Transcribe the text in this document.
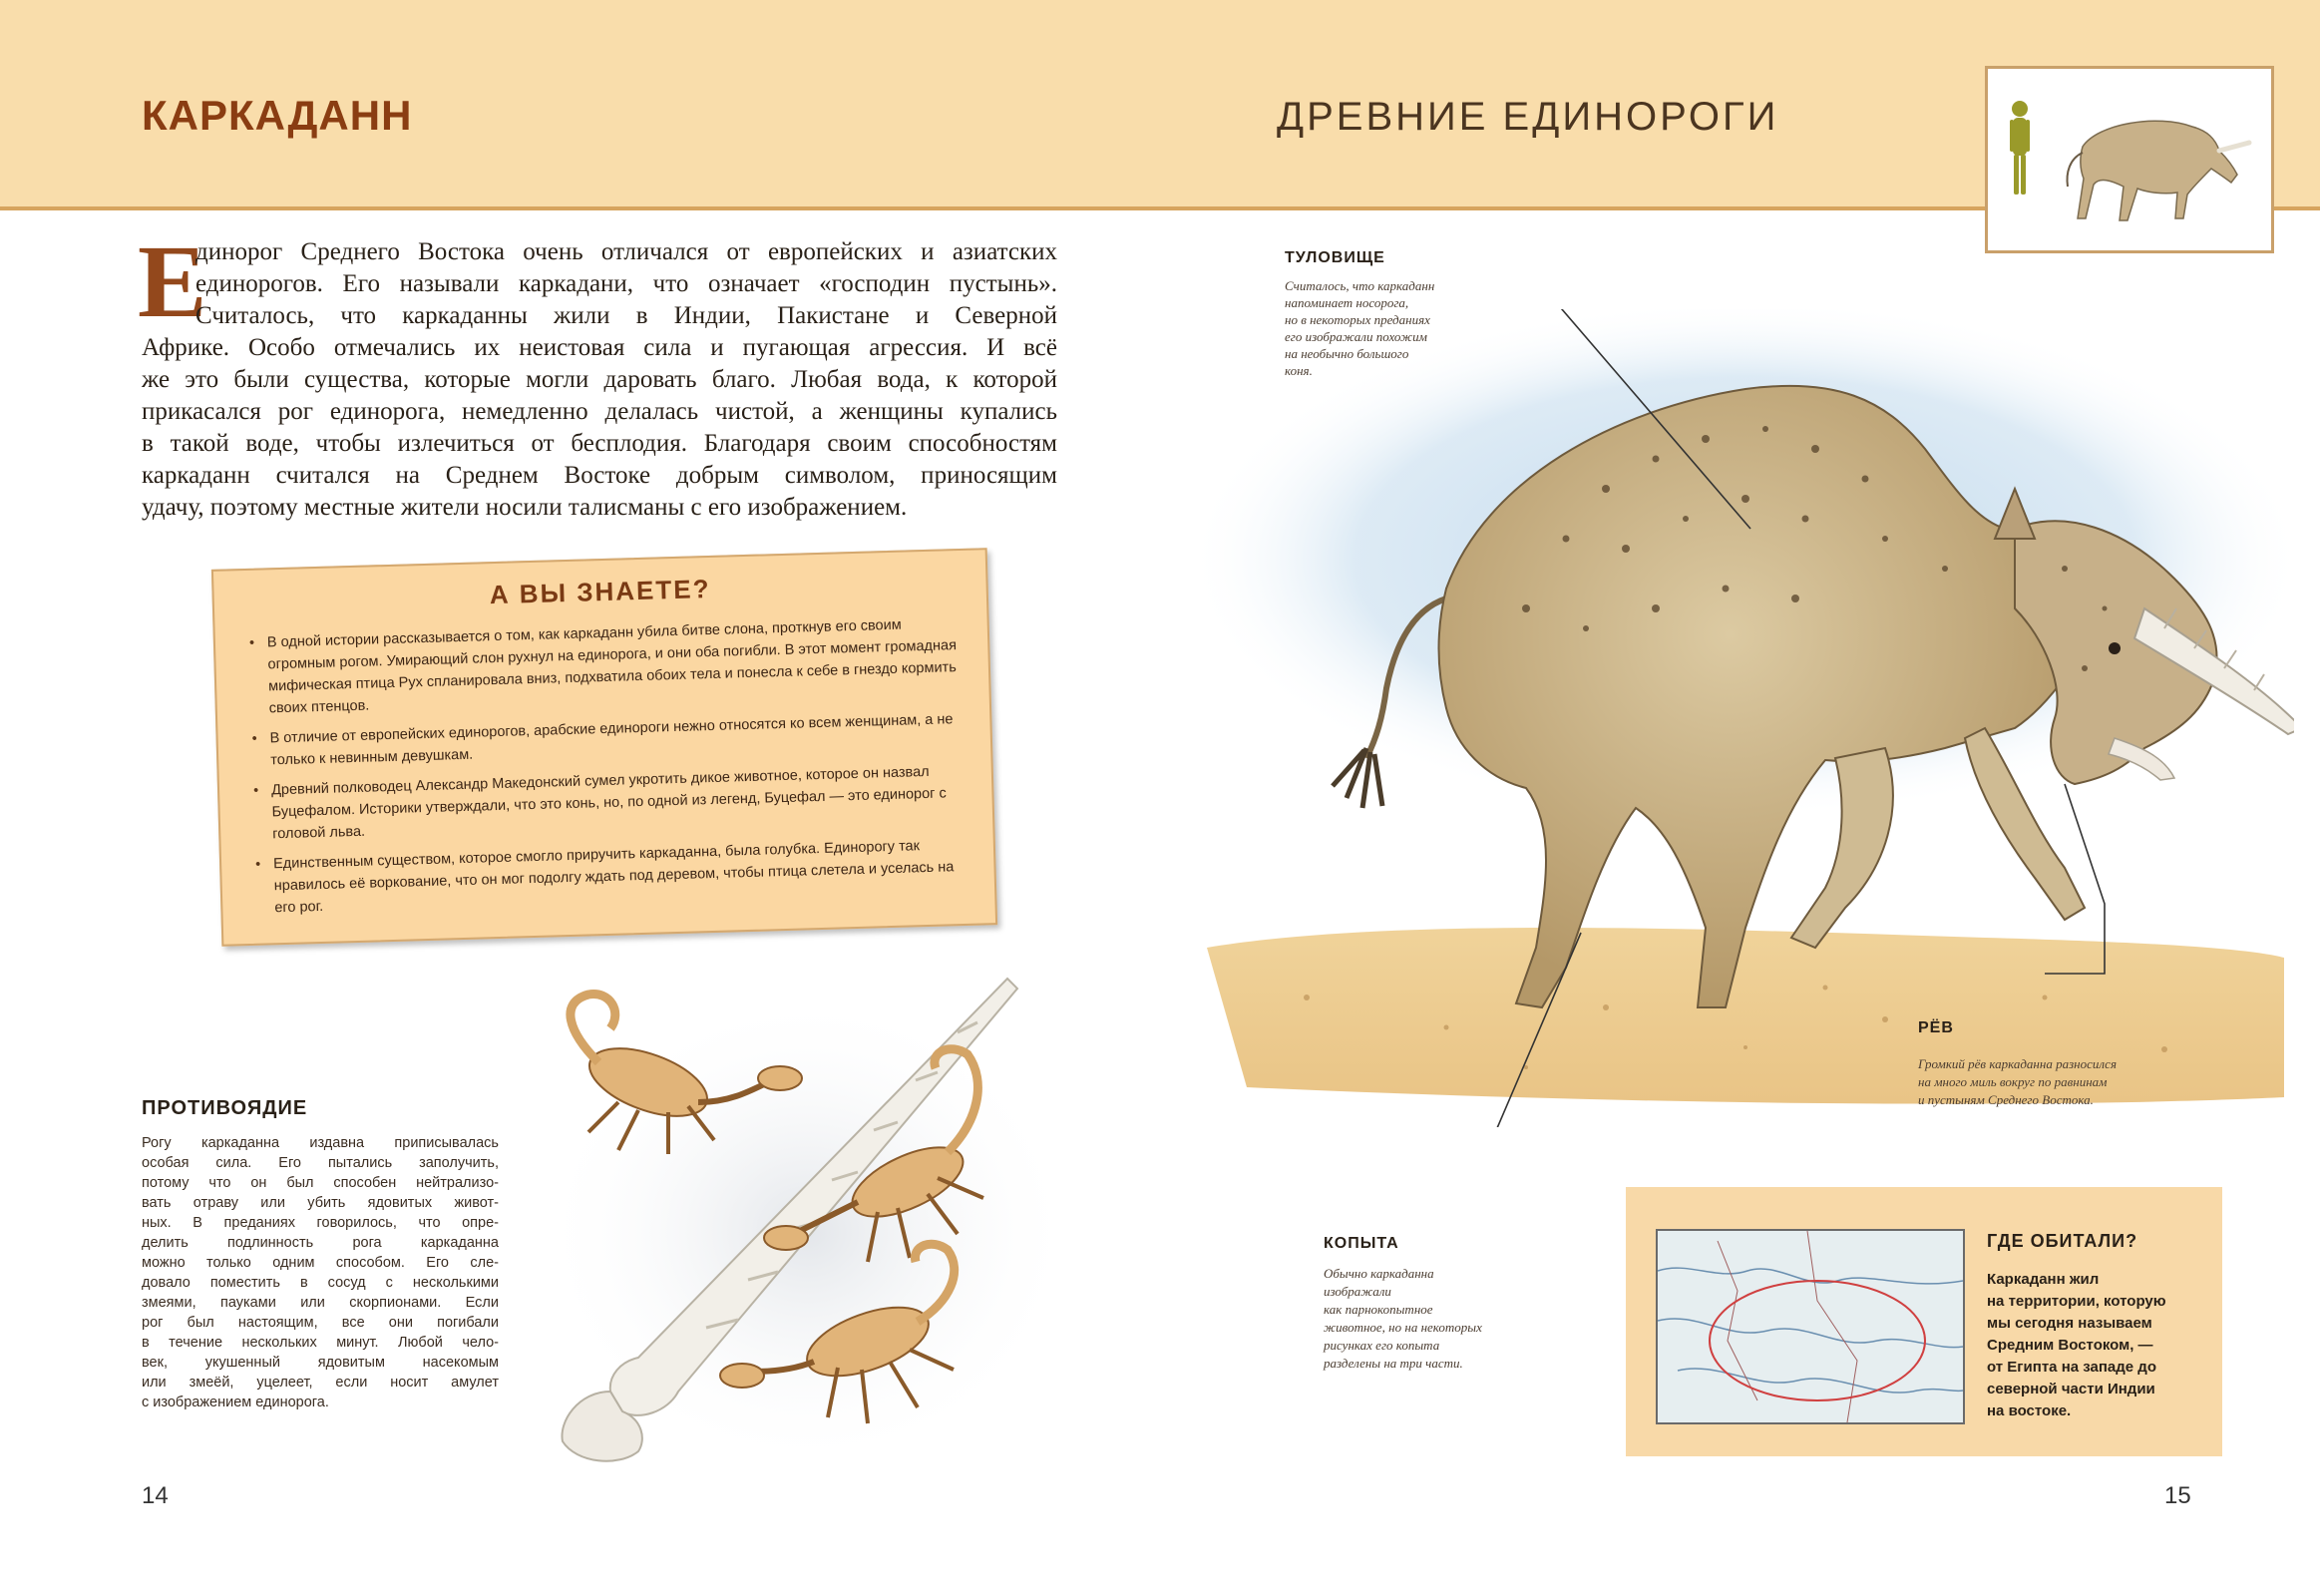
КАРКАДАНН	ДРЕВНИЕ ЕДИНОРОГИ
Е
динорог Среднего Востока очень отличался от европейских и азиатских
единорогов. Его называли каркадани, что означает «господин пустынь».
Считалось, что каркаданны жили в Индии, Пакистане и Северной
Африке. Особо отмечались их неистовая сила и пугающая агрессия. И всё
же это были существа, которые могли даровать благо. Любая вода, к которой
прикасался рог единорога, немедленно делалась чистой, а женщины купались
в такой воде, чтобы излечиться от бесплодия. Благодаря своим способностям
каркаданн считался на Среднем Востоке добрым символом, приносящим
удачу, поэтому местные жители носили талисманы с его изображением.
А ВЫ ЗНАЕТЕ?
• В одной истории рассказывается о том, как каркаданн убила битве слона, проткнув его своим огромным рогом. Умирающий слон рухнул на единорога, и они оба погибли. В этот момент громадная мифическая птица Рух спланировала вниз, подхватила обоих тела и понесла к себе в гнездо кормить своих птенцов.
• В отличие от европейских единорогов, арабские единороги нежно относятся ко всем женщинам, а не только к невинным девушкам.
• Древний полководец Александр Македонский сумел укротить дикое животное, которое он назвал Буцефалом. Историки утверждали, что это конь, но, по одной из легенд, Буцефал — это единорог с головой льва.
• Единственным существом, которое смогло приручить каркаданна, была голубка. Единорогу так нравилось её воркование, что он мог подолгу ждать под деревом, чтобы птица слетела и уселась на его рог.
ПРОТИВОЯДИЕ
Рогу каркаданна издавна приписывалась
особая сила. Его пытались заполучить,
потому что он был способен нейтрализо-
вать отраву или убить ядовитых живот-
ных. В преданиях говорилось, что опре-
делить подлинность рога каркаданна
можно только одним способом. Его сле-
довало поместить в сосуд с несколькими
змеями, пауками или скорпионами. Если
рог был настоящим, все они погибали
в течение нескольких минут. Любой чело-
век, укушенный ядовитым насекомым
или змеёй, уцелеет, если носит амулет
с изображением единорога.
14
ТУЛОВИЩЕ
Считалось, что каркаданн
напоминает носорога,
но в некоторых преданиях
его изображали похожим
на необычно большого
коня.
РЁВ
Громкий рёв каркаданна разносился
на много миль вокруг по равнинам
и пустыням Среднего Востока.
КОПЫТА
Обычно каркаданна
изображали
как парнокопытное
животное, но на некоторых
рисунках его копыта
разделены на три части.
ГДЕ ОБИТАЛИ?
Каркаданн жил
на территории, которую
мы сегодня называем
Средним Востоком, —
от Египта на западе до
северной части Индии
на востоке.
15
